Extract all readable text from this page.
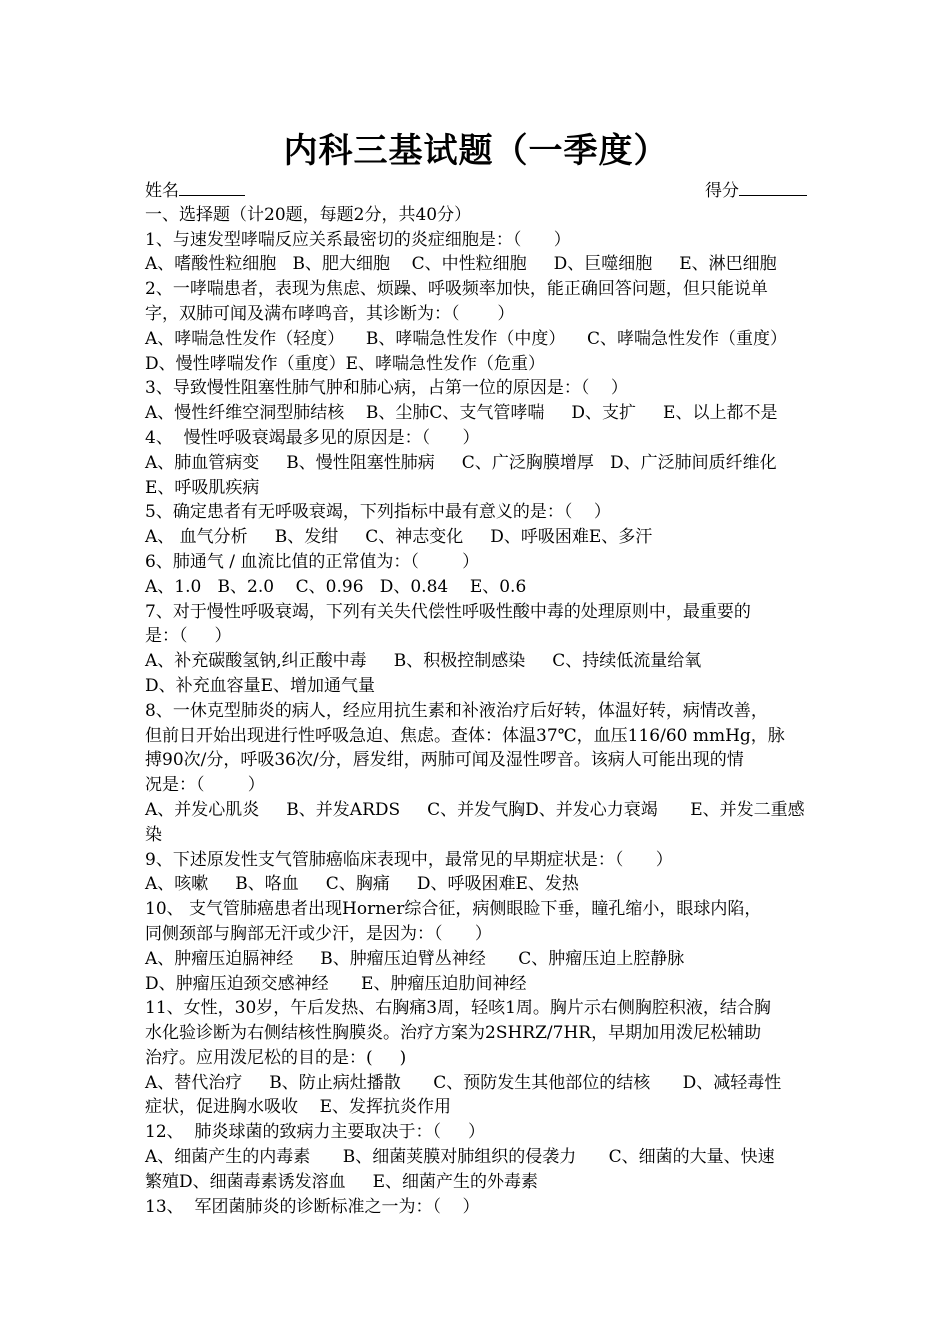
内科三基试题（一季度）
姓名	得分
一、选择题（计20题，每题2分，共40分）
1、与速发型哮喘反应关系最密切的炎症细胞是：（      ）
A、嗜酸性粒细胞   B、肥大细胞    C、中性粒细胞     D、巨噬细胞     E、淋巴细胞
2、一哮喘患者，表现为焦虑、烦躁、呼吸频率加快，能正确回答问题，但只能说单
字，双肺可闻及满布哮鸣音，其诊断为：（       ）
A、哮喘急性发作（轻度）    B、哮喘急性发作（中度）    C、哮喘急性发作（重度）
D、慢性哮喘发作（重度）E、哮喘急性发作（危重）
3、导致慢性阻塞性肺气肿和肺心病，占第一位的原因是：（    ）
A、慢性纤维空洞型肺结核    B、尘肺C、支气管哮喘     D、支扩     E、以上都不是
4、  慢性呼吸衰竭最多见的原因是：（      ）
A、肺血管病变     B、慢性阻塞性肺病     C、广泛胸膜增厚   D、广泛肺间质纤维化
E、呼吸肌疾病
5、确定患者有无呼吸衰竭，下列指标中最有意义的是：（    ）
A、 血气分析     B、发绀     C、神志变化     D、呼吸困难E、多汗
6、肺通气 / 血流比值的正常值为：（        ）
A、1.0   B、2.0    C、0.96   D、0.84    E、0.6
7、对于慢性呼吸衰竭，下列有关失代偿性呼吸性酸中毒的处理原则中，最重要的
是：（     ）
A、补充碳酸氢钠,纠正酸中毒     B、积极控制感染     C、持续低流量给氧
D、补充血容量E、增加通气量
8、一休克型肺炎的病人，经应用抗生素和补液治疗后好转，体温好转，病情改善，
但前日开始出现进行性呼吸急迫、焦虑。查体：体温37℃，血压116/60 mmHg，脉
搏90次/分，呼吸36次/分，唇发绀，两肺可闻及湿性啰音。该病人可能出现的情
况是：（        ）
A、并发心肌炎     B、并发ARDS     C、并发气胸D、并发心力衰竭      E、并发二重感
染
9、下述原发性支气管肺癌临床表现中，最常见的早期症状是：（      ）
A、咳嗽     B、咯血     C、胸痛     D、呼吸困难E、发热
10、 支气管肺癌患者出现Horner综合征，病侧眼睑下垂，瞳孔缩小，眼球内陷，
同侧颈部与胸部无汗或少汗，是因为：（      ）
A、肿瘤压迫膈神经     B、肿瘤压迫臂丛神经      C、肿瘤压迫上腔静脉
D、肿瘤压迫颈交感神经      E、肿瘤压迫肋间神经
11、女性，30岁，午后发热、右胸痛3周，轻咳1周。胸片示右侧胸腔积液，结合胸
水化验诊断为右侧结核性胸膜炎。治疗方案为2SHRZ/7HR，早期加用泼尼松辅助
治疗。应用泼尼松的目的是：(     )
A、替代治疗     B、防止病灶播散      C、预防发生其他部位的结核      D、减轻毒性
症状，促进胸水吸收    E、发挥抗炎作用
12、  肺炎球菌的致病力主要取决于：（     ）
A、细菌产生的内毒素      B、细菌荚膜对肺组织的侵袭力      C、细菌的大量、快速
繁殖D、细菌毒素诱发溶血     E、细菌产生的外毒素
13、  军团菌肺炎的诊断标准之一为：（    ）
